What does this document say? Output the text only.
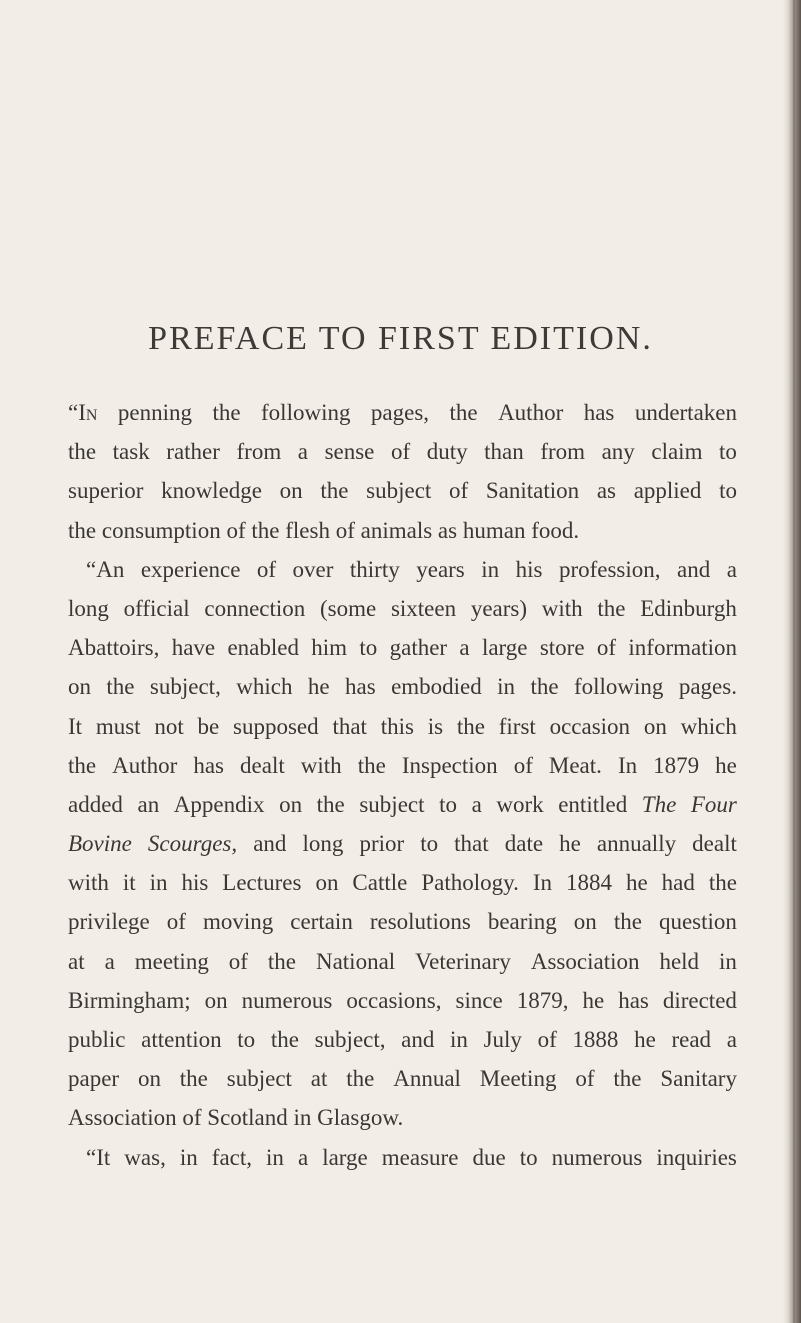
PREFACE TO FIRST EDITION.
“In penning the following pages, the Author has undertaken
the task rather from a sense of duty than from any claim to
superior knowledge on the subject of Sanitation as applied to
the consumption of the flesh of animals as human food.
“An experience of over thirty years in his profession, and a
long official connection (some sixteen years) with the Edinburgh
Abattoirs, have enabled him to gather a large store of information
on the subject, which he has embodied in the following pages.
It must not be supposed that this is the first occasion on which
the Author has dealt with the Inspection of Meat. In 1879 he
added an Appendix on the subject to a work entitled The Four
Bovine Scourges, and long prior to that date he annually dealt
with it in his Lectures on Cattle Pathology. In 1884 he had the
privilege of moving certain resolutions bearing on the question
at a meeting of the National Veterinary Association held in
Birmingham; on numerous occasions, since 1879, he has directed
public attention to the subject, and in July of 1888 he read a
paper on the subject at the Annual Meeting of the Sanitary
Association of Scotland in Glasgow.
“It was, in fact, in a large measure due to numerous inquiries
